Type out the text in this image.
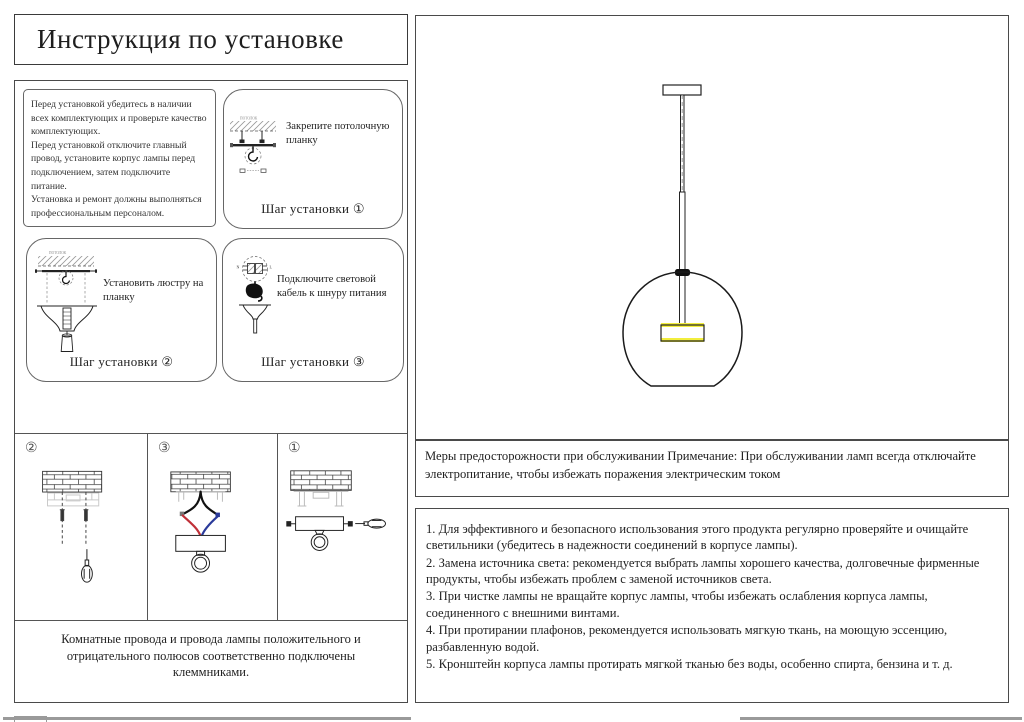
Инструкция по установке

Перед установкой убедитесь в наличии всех комплектующих и проверьте качество комплектующих.

Перед установкой отключите главный провод, установите корпус лампы перед подключением, затем подключите питание.

Установка и ремонт должны выполняться профессиональным персоналом.

ПОТОЛОК
Закрепите потолочную планку
Шаг установки ①
ПОТОЛОК
Установить люстру на планку
Шаг установки ②
N	L
Подключите световой кабель к шнуру питания
Шаг установки ③
②	③	①

Комнатные провода и провода лампы положительного и отрицательного полюсов соответственно подключены клеммниками.

Меры предосторожности при обслуживании Примечание: При обслуживании ламп всегда отключайте электропитание, чтобы избежать поражения электрическим током

1. Для эффективного и безопасного использования этого продукта регулярно проверяйте и очищайте светильники (убедитесь в надежности соединений в корпусе лампы).

2. Замена источника света: рекомендуется выбрать лампы хорошего качества, долговечные фирменные продукты, чтобы избежать проблем с заменой источников света.

3. При чистке лампы не вращайте корпус лампы, чтобы избежать ослабления корпуса лампы, соединенного с внешними винтами.

4. При протирании плафонов, рекомендуется использовать мягкую ткань, на моющую эссенцию, разбавленную водой.

5. Кронштейн корпуса лампы протирать мягкой тканью без воды, особенно спирта, бензина и т. д.
